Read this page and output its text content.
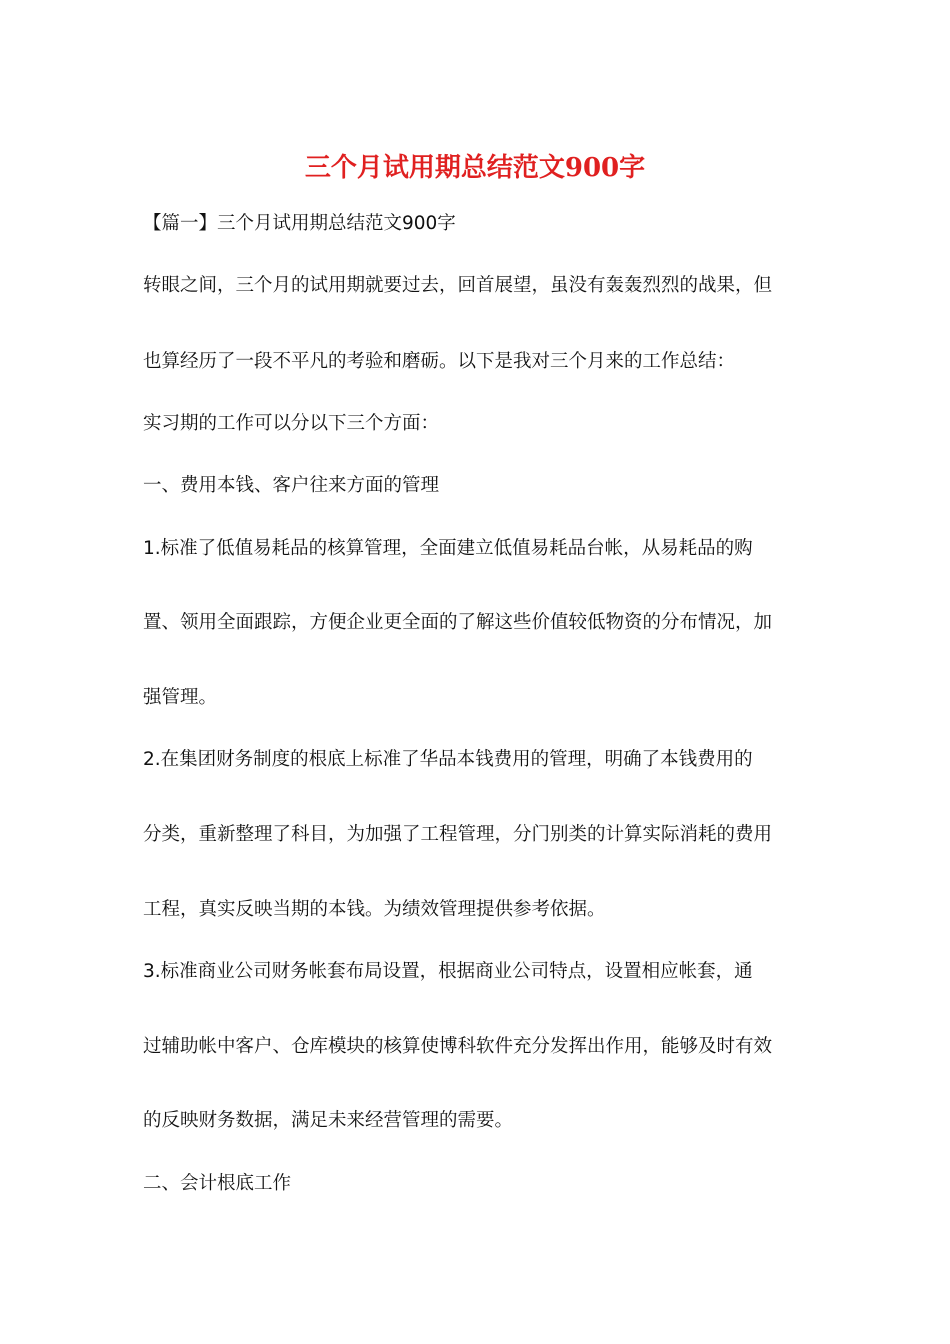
三个月试用期总结范文900字
【篇一】三个月试用期总结范文900字
转眼之间，三个月的试用期就要过去，回首展望，虽没有轰轰烈烈的战果，但
也算经历了一段不平凡的考验和磨砺。以下是我对三个月来的工作总结：
实习期的工作可以分以下三个方面：
一、费用本钱、客户往来方面的管理
1.标准了低值易耗品的核算管理，全面建立低值易耗品台帐，从易耗品的购
置、领用全面跟踪，方便企业更全面的了解这些价值较低物资的分布情况，加
强管理。
2.在集团财务制度的根底上标准了华品本钱费用的管理，明确了本钱费用的
分类，重新整理了科目，为加强了工程管理，分门别类的计算实际消耗的费用
工程，真实反映当期的本钱。为绩效管理提供参考依据。
3.标准商业公司财务帐套布局设置，根据商业公司特点，设置相应帐套，通
过辅助帐中客户、仓库模块的核算使博科软件充分发挥出作用，能够及时有效
的反映财务数据，满足未来经营管理的需要。
二、会计根底工作
